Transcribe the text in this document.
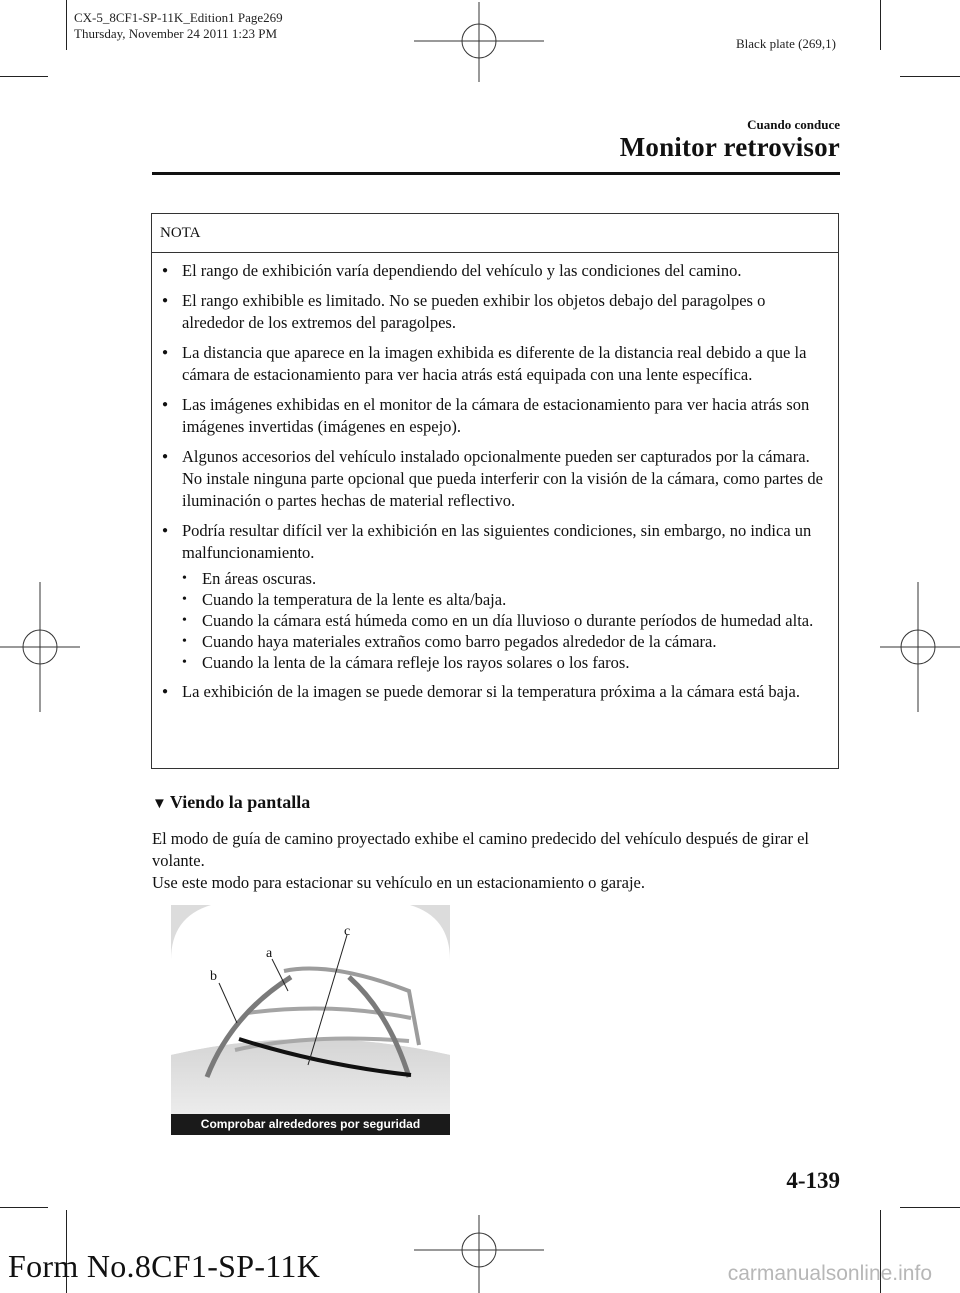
CX-5_8CF1-SP-11K_Edition1 Page269
Thursday, November 24 2011 1:23 PM
Black plate (269,1)
Cuando conduce
Monitor retrovisor
NOTA
● El rango de exhibición varía dependiendo del vehículo y las condiciones del camino.
● El rango exhibible es limitado. No se pueden exhibir los objetos debajo del paragolpes o alrededor de los extremos del paragolpes.
● La distancia que aparece en la imagen exhibida es diferente de la distancia real debido a que la cámara de estacionamiento para ver hacia atrás está equipada con una lente específica.
● Las imágenes exhibidas en el monitor de la cámara de estacionamiento para ver hacia atrás son imágenes invertidas (imágenes en espejo).
● Algunos accesorios del vehículo instalado opcionalmente pueden ser capturados por la cámara. No instale ninguna parte opcional que pueda interferir con la visión de la cámara, como partes de iluminación o partes hechas de material reflectivo.
● Podría resultar difícil ver la exhibición en las siguientes condiciones, sin embargo, no indica un malfuncionamiento.
• En áreas oscuras.
• Cuando la temperatura de la lente es alta/baja.
• Cuando la cámara está húmeda como en un día lluvioso o durante períodos de humedad alta.
• Cuando haya materiales extraños como barro pegados alrededor de la cámara.
• Cuando la lenta de la cámara refleje los rayos solares o los faros.
● La exhibición de la imagen se puede demorar si la temperatura próxima a la cámara está baja.
▼ Viendo la pantalla

El modo de guía de camino proyectado exhibe el camino predecido del vehículo después de girar el volante.

Use este modo para estacionar su vehículo en un estacionamiento o garaje.

c
a
b
Comprobar alrededores por seguridad
4-139
Form No.8CF1-SP-11K	carmanualsonline.info
